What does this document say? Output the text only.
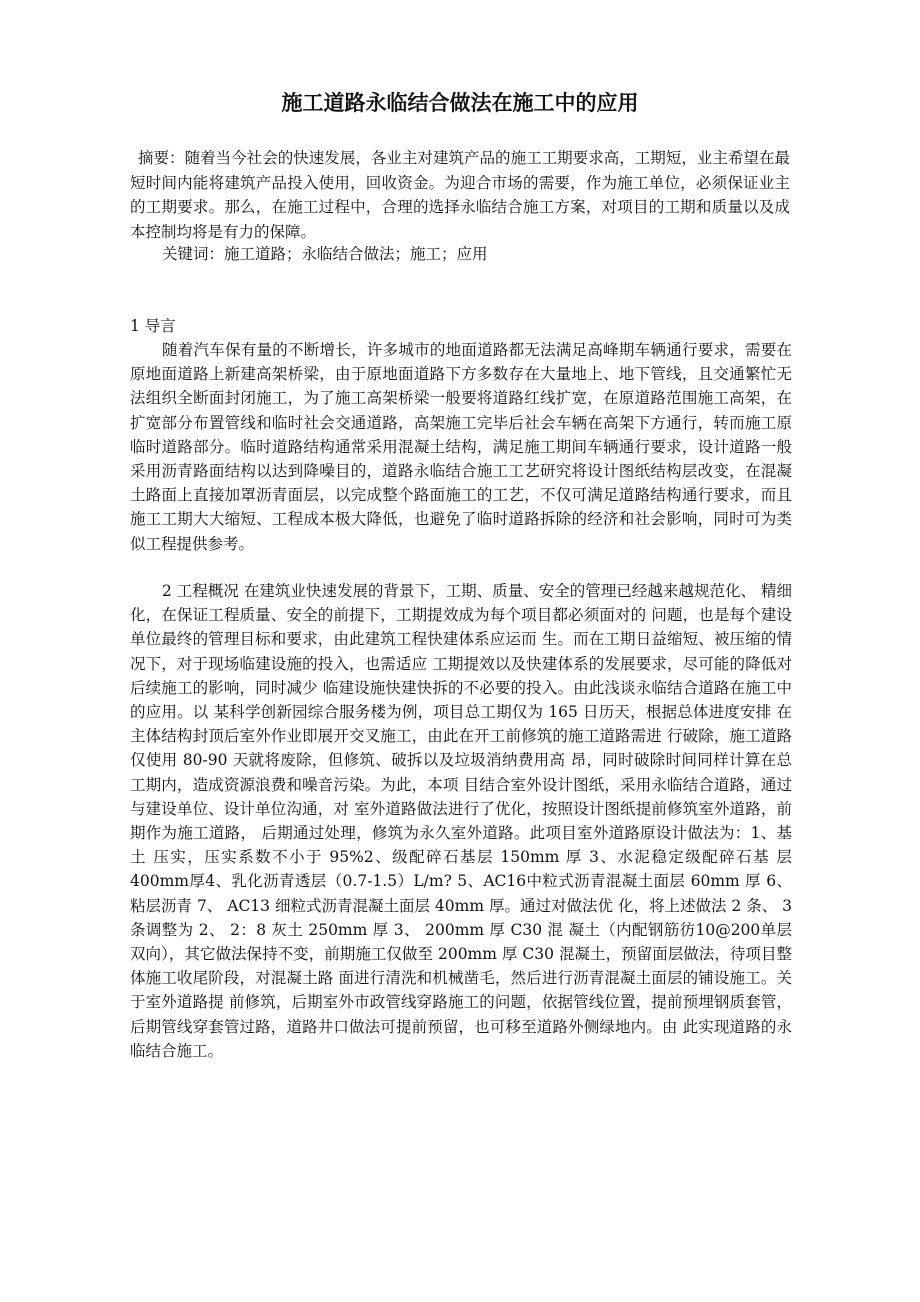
施工道路永临结合做法在施工中的应用

摘要：随着当今社会的快速发展，各业主对建筑产品的施工工期要求高，工期短，业主希望在最短时间内能将建筑产品投入使用，回收资金。为迎合市场的需要，作为施工单位，必须保证业主的工期要求。那么，在施工过程中，合理的选择永临结合施工方案，对项目的工期和质量以及成本控制均将是有力的保障。

关键词：施工道路；永临结合做法；施工；应用

1 导言

随着汽车保有量的不断增长，许多城市的地面道路都无法满足高峰期车辆通行要求，需要在原地面道路上新建高架桥梁，由于原地面道路下方多数存在大量地上、地下管线，且交通繁忙无法组织全断面封闭施工，为了施工高架桥梁一般要将道路红线扩宽，在原道路范围施工高架，在扩宽部分布置管线和临时社会交通道路，高架施工完毕后社会车辆在高架下方通行，转而施工原临时道路部分。临时道路结构通常采用混凝土结构，满足施工期间车辆通行要求，设计道路一般采用沥青路面结构以达到降噪目的，道路永临结合施工工艺研究将设计图纸结构层改变，在混凝土路面上直接加罩沥青面层，以完成整个路面施工的工艺，不仅可满足道路结构通行要求，而且施工工期大大缩短、工程成本极大降低，也避免了临时道路拆除的经济和社会影响，同时可为类似工程提供参考。

2 工程概况 在建筑业快速发展的背景下，工期、质量、安全的管理已经越来越规范化、 精细化，在保证工程质量、安全的前提下，工期提效成为每个项目都必须面对的 问题，也是每个建设单位最终的管理目标和要求，由此建筑工程快建体系应运而 生。而在工期日益缩短、被压缩的情况下，对于现场临建设施的投入，也需适应 工期提效以及快建体系的发展要求，尽可能的降低对后续施工的影响，同时减少 临建设施快建快拆的不必要的投入。由此浅谈永临结合道路在施工中的应用。以 某科学创新园综合服务楼为例，项目总工期仅为 165 日历天，根据总体进度安排 在主体结构封顶后室外作业即展开交叉施工，由此在开工前修筑的施工道路需进 行破除，施工道路仅使用 80-90 天就将废除，但修筑、破拆以及垃圾消纳费用高 昂，同时破除时间同样计算在总工期内，造成资源浪费和噪音污染。为此，本项 目结合室外设计图纸，采用永临结合道路，通过与建设单位、设计单位沟通，对 室外道路做法进行了优化，按照设计图纸提前修筑室外道路，前期作为施工道路， 后期通过处理，修筑为永久室外道路。此项目室外道路原设计做法为：1、基土 压实，压实系数不小于 95%2、级配碎石基层 150mm 厚 3、水泥稳定级配碎石基 层400mm厚4、乳化沥青透层（0.7-1.5）L/m? 5、AC16中粒式沥青混凝土面层 60mm 厚 6、粘层沥青 7、 AC13 细粒式沥青混凝土面层 40mm 厚。通过对做法优 化，将上述做法 2 条、 3 条调整为 2、 2：8 灰土 250mm 厚 3、 200mm 厚 C30 混 凝土（内配钢筋彷10@200单层双向），其它做法保持不变，前期施工仅做至 200mm 厚 C30 混凝土，预留面层做法，待项目整体施工收尾阶段，对混凝土路 面进行清洗和机械凿毛，然后进行沥青混凝土面层的铺设施工。关于室外道路提 前修筑，后期室外市政管线穿路施工的问题，依据管线位置，提前预埋钢质套管， 后期管线穿套管过路，道路井口做法可提前预留，也可移至道路外侧绿地内。由 此实现道路的永临结合施工。
